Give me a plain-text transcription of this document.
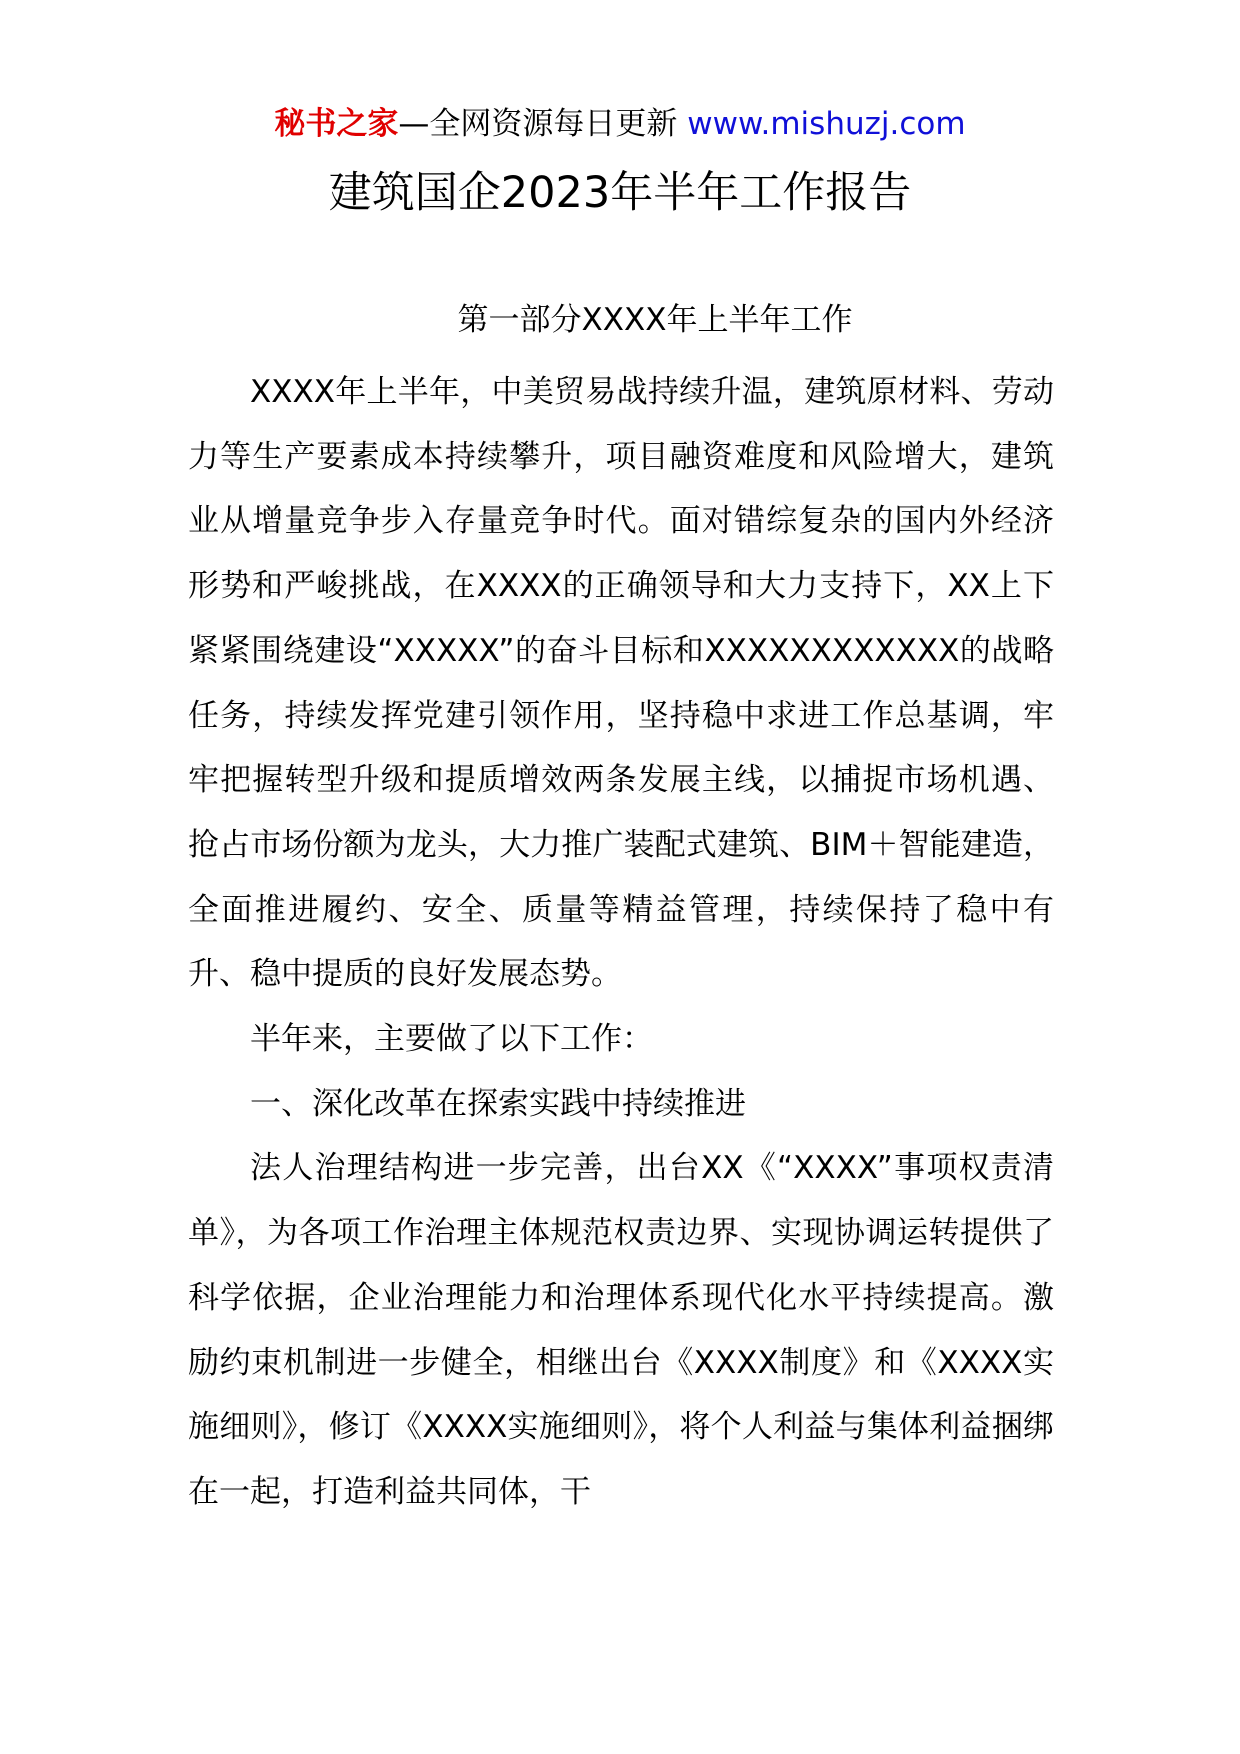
秘书之家—全网资源每日更新 www.mishuzj.com
建筑国企2023年半年工作报告
第一部分XXXX年上半年工作

XXXX年上半年，中美贸易战持续升温，建筑原材料、劳动力等生产要素成本持续攀升，项目融资难度和风险增大，建筑业从增量竞争步入存量竞争时代。面对错综复杂的国内外经济形势和严峻挑战，在XXXX的正确领导和大力支持下，XX上下紧紧围绕建设“XXXXX”的奋斗目标和XXXXXXXXXXXX的战略任务，持续发挥党建引领作用，坚持稳中求进工作总基调，牢牢把握转型升级和提质增效两条发展主线，以捕捉市场机遇、抢占市场份额为龙头，大力推广装配式建筑、BIM＋智能建造，全面推进履约、安全、质量等精益管理，持续保持了稳中有升、稳中提质的良好发展态势。

半年来，主要做了以下工作：

一、深化改革在探索实践中持续推进

法人治理结构进一步完善，出台XX《“XXXX”事项权责清单》，为各项工作治理主体规范权责边界、实现协调运转提供了科学依据，企业治理能力和治理体系现代化水平持续提高。激励约束机制进一步健全，相继出台《XXXX制度》和《XXXX实施细则》，修订《XXXX实施细则》，将个人利益与集体利益捆绑在一起，打造利益共同体，干
